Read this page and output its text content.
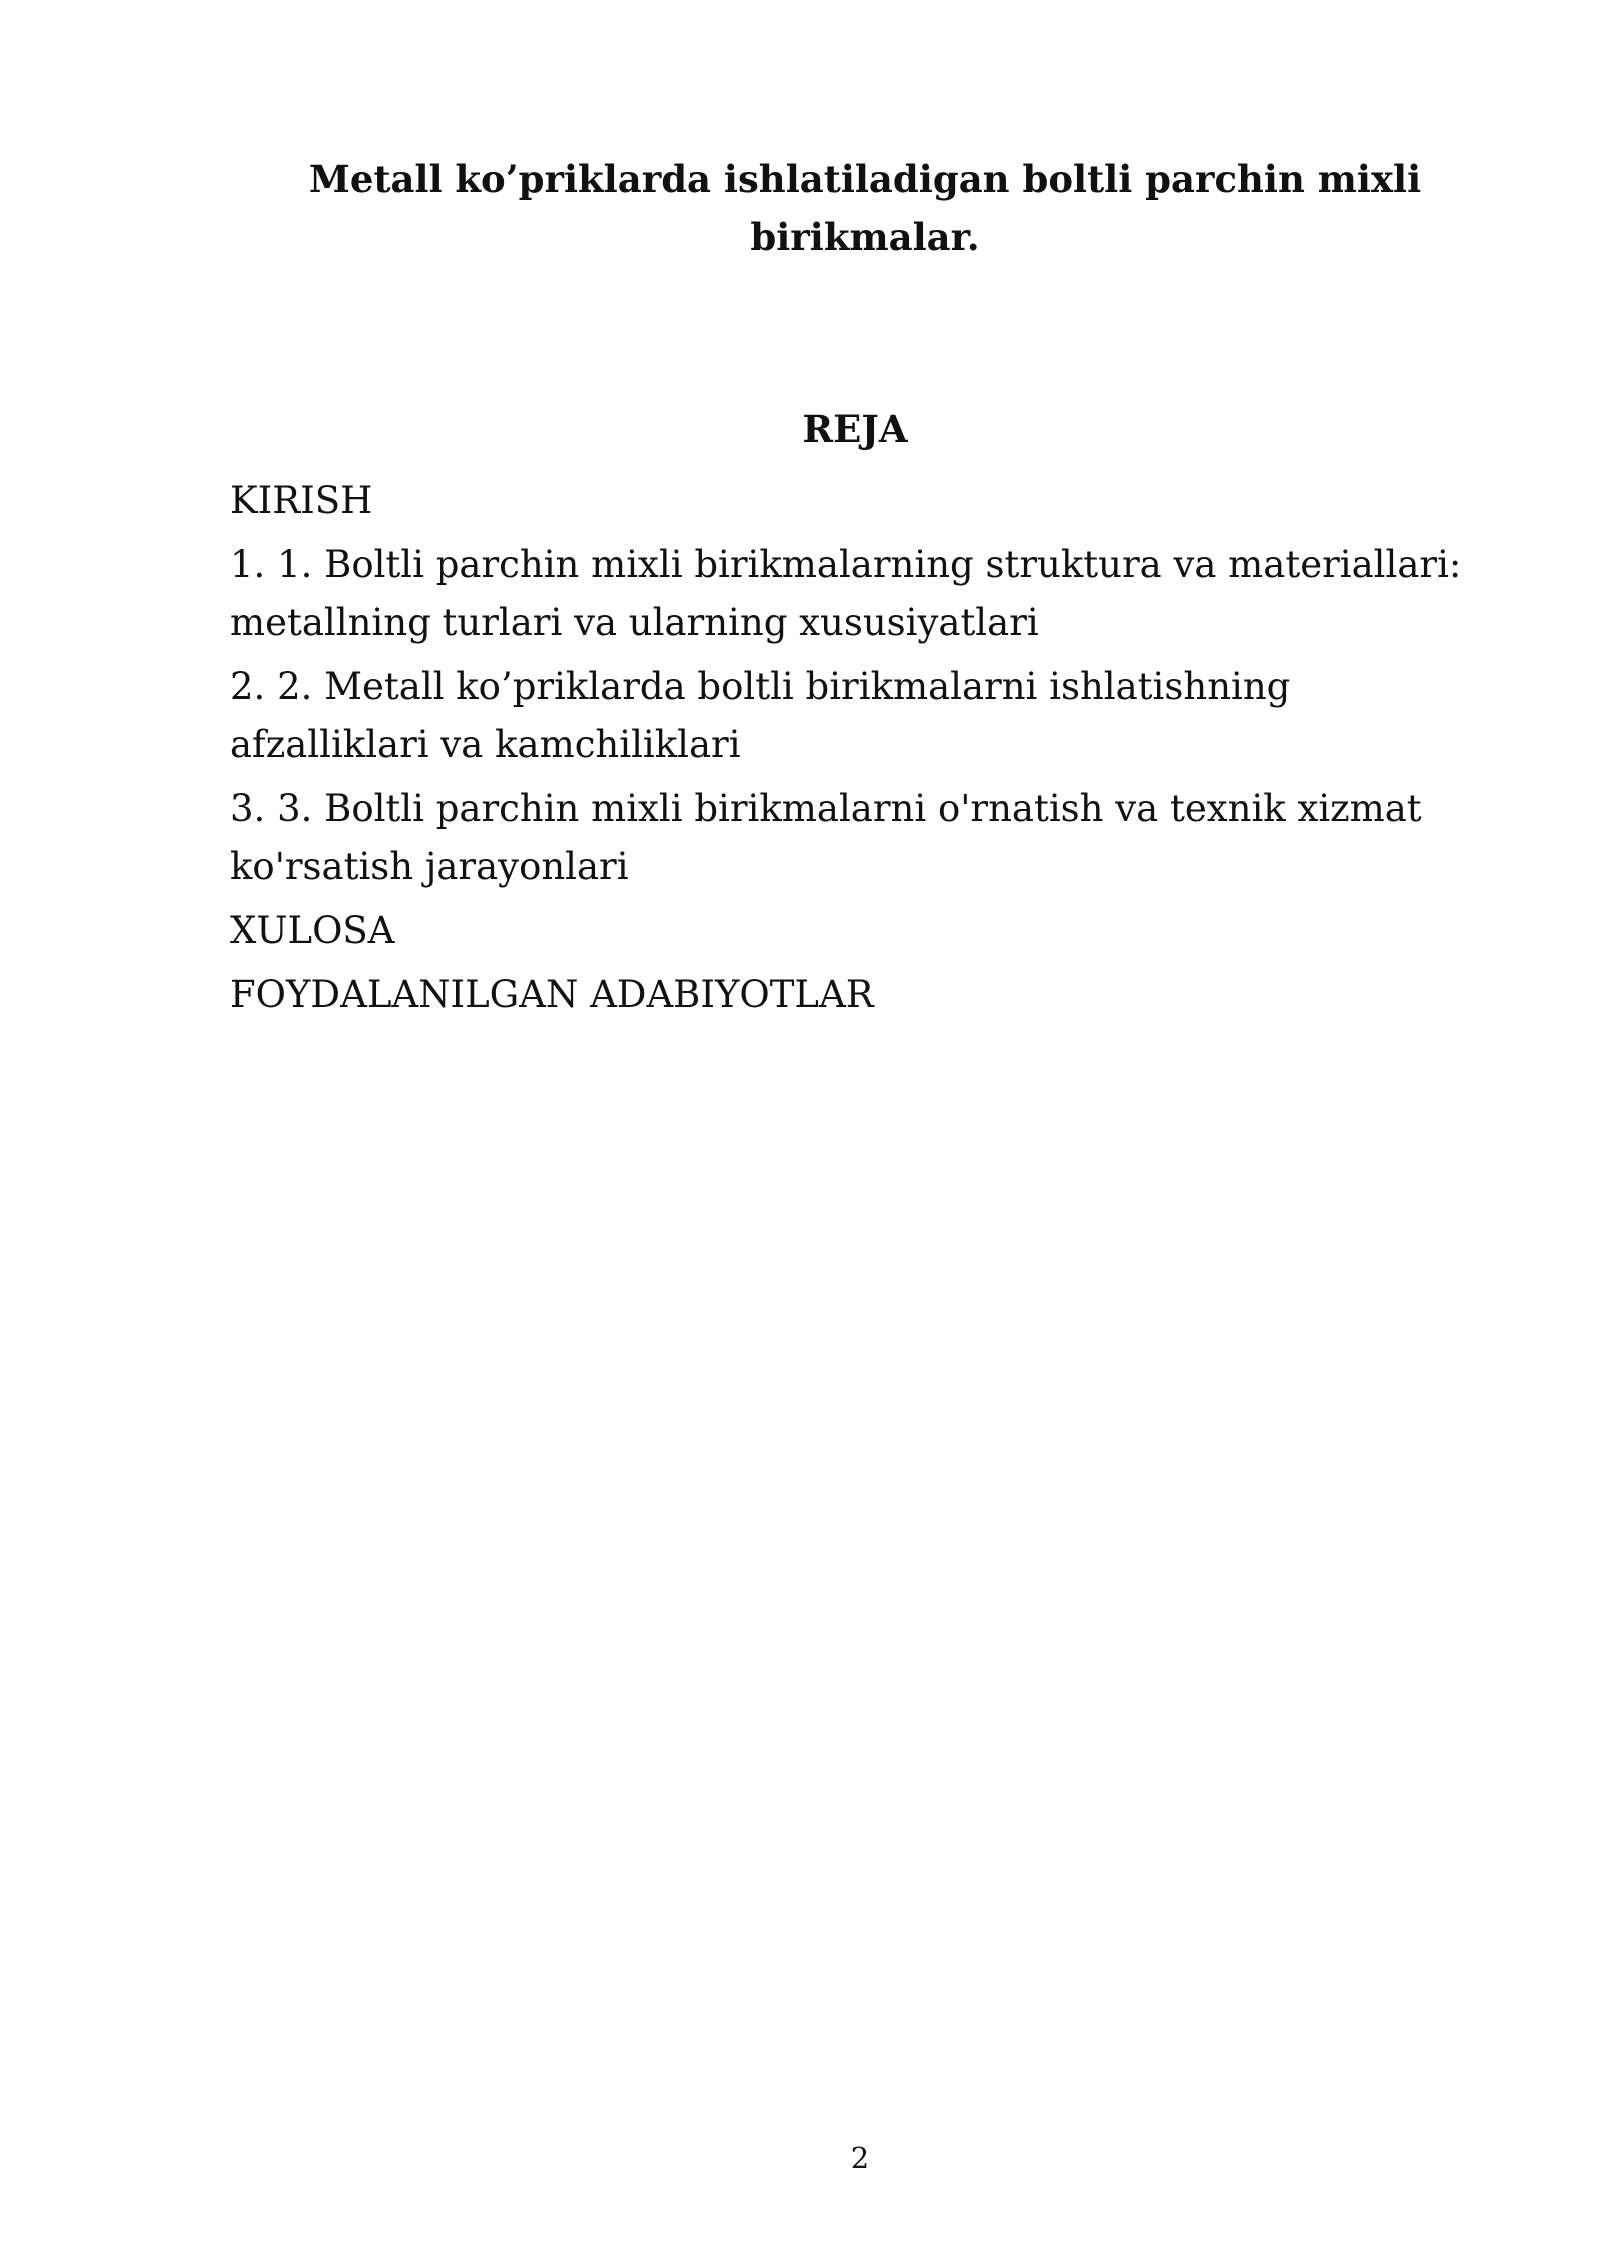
Metall ko’priklarda ishlatiladigan boltli parchin mixli
birikmalar.
REJA
KIRISH
1. 1. Boltli parchin mixli birikmalarning struktura va materiallari:
metallning turlari va ularning xususiyatlari
2. 2. Metall ko’priklarda boltli birikmalarni ishlatishning
afzalliklari va kamchiliklari
3. 3. Boltli parchin mixli birikmalarni o'rnatish va texnik xizmat
ko'rsatish jarayonlari
XULOSA
FOYDALANILGAN ADABIYOTLAR
2
